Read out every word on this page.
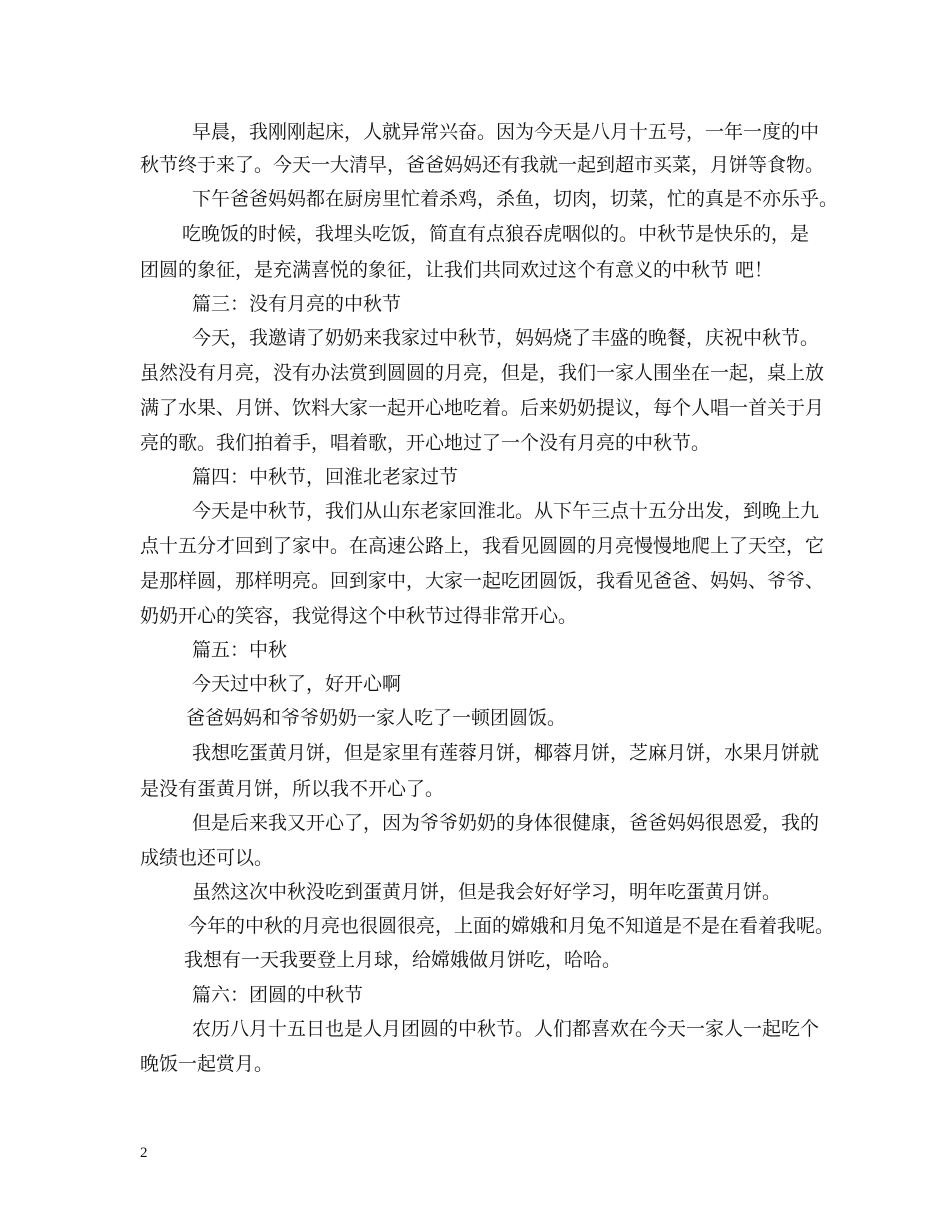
早晨，我刚刚起床，人就异常兴奋。因为今天是八月十五号，一年一度的中
秋节终于来了。今天一大清早，爸爸妈妈还有我就一起到超市买菜，月饼等食物。
下午爸爸妈妈都在厨房里忙着杀鸡，杀鱼，切肉，切菜，忙的真是不亦乐乎。
吃晚饭的时候，我埋头吃饭，简直有点狼吞虎咽似的。中秋节是快乐的，是
团圆的象征，是充满喜悦的象征，让我们共同欢过这个有意义的中秋节 吧！
篇三：没有月亮的中秋节
今天，我邀请了奶奶来我家过中秋节，妈妈烧了丰盛的晚餐，庆祝中秋节。
虽然没有月亮，没有办法赏到圆圆的月亮，但是，我们一家人围坐在一起，桌上放
满了水果、月饼、饮料大家一起开心地吃着。后来奶奶提议，每个人唱一首关于月
亮的歌。我们拍着手，唱着歌，开心地过了一个没有月亮的中秋节。
篇四：中秋节，回淮北老家过节
今天是中秋节，我们从山东老家回淮北。从下午三点十五分出发，到晚上九
点十五分才回到了家中。在高速公路上，我看见圆圆的月亮慢慢地爬上了天空，它
是那样圆，那样明亮。回到家中，大家一起吃团圆饭，我看见爸爸、妈妈、爷爷、
奶奶开心的笑容，我觉得这个中秋节过得非常开心。
篇五：中秋
今天过中秋了，好开心啊
爸爸妈妈和爷爷奶奶一家人吃了一顿团圆饭。
我想吃蛋黄月饼，但是家里有莲蓉月饼，椰蓉月饼，芝麻月饼，水果月饼就
是没有蛋黄月饼，所以我不开心了。
但是后来我又开心了，因为爷爷奶奶的身体很健康，爸爸妈妈很恩爱，我的
成绩也还可以。
虽然这次中秋没吃到蛋黄月饼，但是我会好好学习，明年吃蛋黄月饼。
今年的中秋的月亮也很圆很亮，上面的嫦娥和月兔不知道是不是在看着我呢。
我想有一天我要登上月球，给嫦娥做月饼吃，哈哈。
篇六：团圆的中秋节
农历八月十五日也是人月团圆的中秋节。人们都喜欢在今天一家人一起吃个
晚饭一起赏月。
2
